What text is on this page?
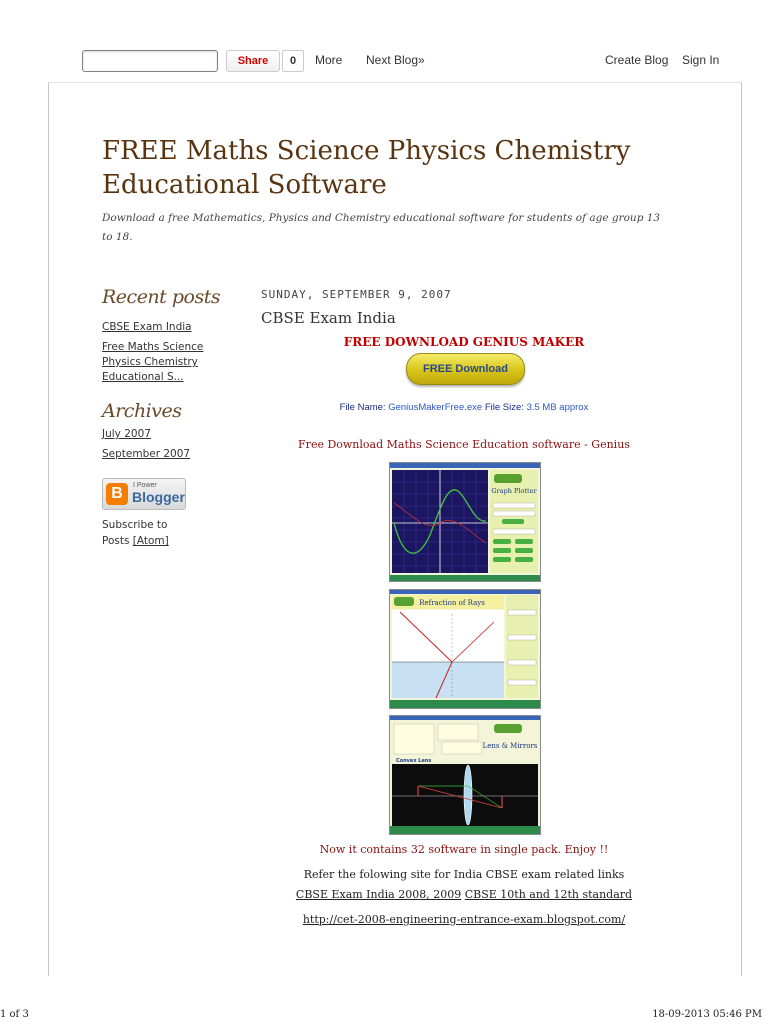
Share	0	More Next Blog»	Create Blog Sign In
FREE Maths Science Physics Chemistry
Educational Software
Download a free Mathematics, Physics and Chemistry educational software for students of age group 13 to 18.
Recent posts
CBSE Exam India
Free Maths Science Physics Chemistry Educational S...
Archives
July 2007
September 2007
B	I Power
Blogger
Subscribe to Posts [Atom]
SUNDAY, SEPTEMBER 9, 2007
CBSE Exam India
FREE DOWNLOAD GENIUS MAKER
FREE Download
File Name: GeniusMakerFree.exe File Size: 3.5 MB approx
Free Download Maths Science Education software - Genius
Graph Plotter
Refraction of Rays
Lens & Mirrors
Convex Lens
Now it contains 32 software in single pack. Enjoy !!
Refer the folowing site for India CBSE exam related links
CBSE Exam India 2008, 2009 CBSE 10th and 12th standard
http://cet-2008-engineering-entrance-exam.blogspot.com/
1 of 3	18-09-2013 05:46 PM
